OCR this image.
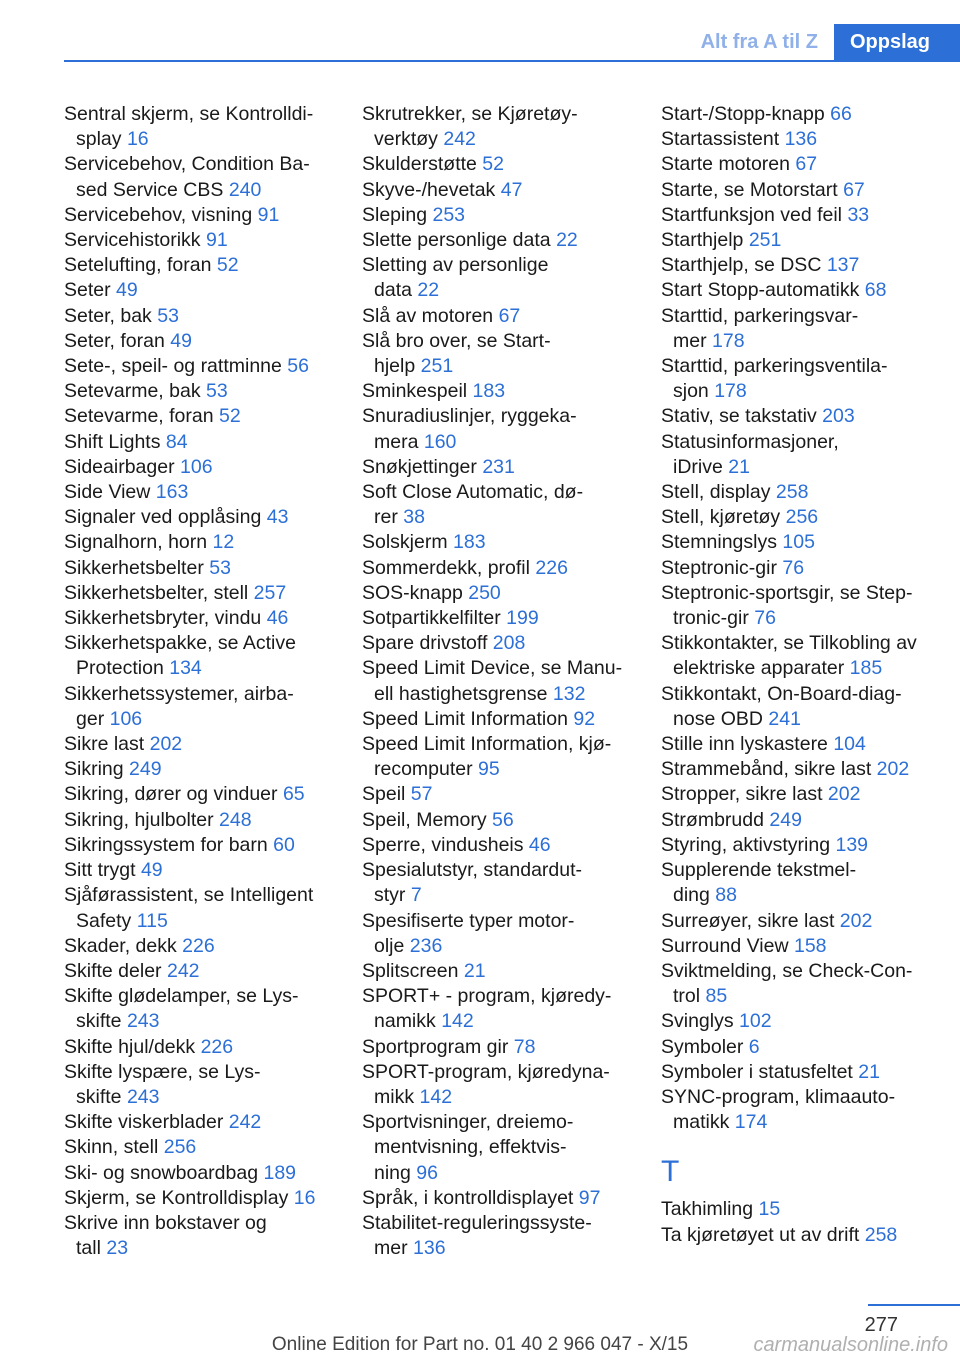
Alt fra A til Z	Oppslag
Sentral skjerm, se Kontrolldi-
splay 16
Servicebehov, Condition Ba-
sed Service CBS 240
Servicebehov, visning 91
Servicehistorikk 91
Setelufting, foran 52
Seter 49
Seter, bak 53
Seter, foran 49
Sete-, speil- og rattminne 56
Setevarme, bak 53
Setevarme, foran 52
Shift Lights 84
Sideairbager 106
Side View 163
Signaler ved opplåsing 43
Signalhorn, horn 12
Sikkerhetsbelter 53
Sikkerhetsbelter, stell 257
Sikkerhetsbryter, vindu 46
Sikkerhetspakke, se Active
Protection 134
Sikkerhetssystemer, airba-
ger 106
Sikre last 202
Sikring 249
Sikring, dører og vinduer 65
Sikring, hjulbolter 248
Sikringssystem for barn 60
Sitt trygt 49
Sjåførassistent, se Intelligent
Safety 115
Skader, dekk 226
Skifte deler 242
Skifte glødelamper, se Lys-
skifte 243
Skifte hjul/dekk 226
Skifte lyspære, se Lys-
skifte 243
Skifte viskerblader 242
Skinn, stell 256
Ski- og snowboardbag 189
Skjerm, se Kontrolldisplay 16
Skrive inn bokstaver og
tall 23
Skrutrekker, se Kjøretøy-
verktøy 242
Skulderstøtte 52
Skyve-/hevetak 47
Sleping 253
Slette personlige data 22
Sletting av personlige
data 22
Slå av motoren 67
Slå bro over, se Start-
hjelp 251
Sminkespeil 183
Snuradiuslinjer, ryggeka-
mera 160
Snøkjettinger 231
Soft Close Automatic, dø-
rer 38
Solskjerm 183
Sommerdekk, profil 226
SOS-knapp 250
Sotpartikkelfilter 199
Spare drivstoff 208
Speed Limit Device, se Manu-
ell hastighetsgrense 132
Speed Limit Information 92
Speed Limit Information, kjø-
recomputer 95
Speil 57
Speil, Memory 56
Sperre, vindusheis 46
Spesialutstyr, standardut-
styr 7
Spesifiserte typer motor-
olje 236
Splitscreen 21
SPORT+ - program, kjøredy-
namikk 142
Sportprogram gir 78
SPORT-program, kjøredyna-
mikk 142
Sportvisninger, dreiemo-
mentvisning, effektvis-
ning 96
Språk, i kontrolldisplayet 97
Stabilitet-reguleringssyste-
mer 136
Start-/Stopp-knapp 66
Startassistent 136
Starte motoren 67
Starte, se Motorstart 67
Startfunksjon ved feil 33
Starthjelp 251
Starthjelp, se DSC 137
Start Stopp-automatikk 68
Starttid, parkeringsvar-
mer 178
Starttid, parkeringsventila-
sjon 178
Stativ, se takstativ 203
Statusinformasjoner,
iDrive 21
Stell, display 258
Stell, kjøretøy 256
Stemningslys 105
Steptronic-gir 76
Steptronic-sportsgir, se Step-
tronic-gir 76
Stikkontakter, se Tilkobling av
elektriske apparater 185
Stikkontakt, On-Board-diag-
nose OBD 241
Stille inn lyskastere 104
Strammebånd, sikre last 202
Stropper, sikre last 202
Strømbrudd 249
Styring, aktivstyring 139
Supplerende tekstmel-
ding 88
Surreøyer, sikre last 202
Surround View 158
Sviktmelding, se Check-Con-
trol 85
Svinglys 102
Symboler 6
Symboler i statusfeltet 21
SYNC-program, klimaauto-
matikk 174
T
Takhimling 15
Ta kjøretøyet ut av drift 258
277
Online Edition for Part no. 01 40 2 966 047 - X/15	carmanualsonline.info
